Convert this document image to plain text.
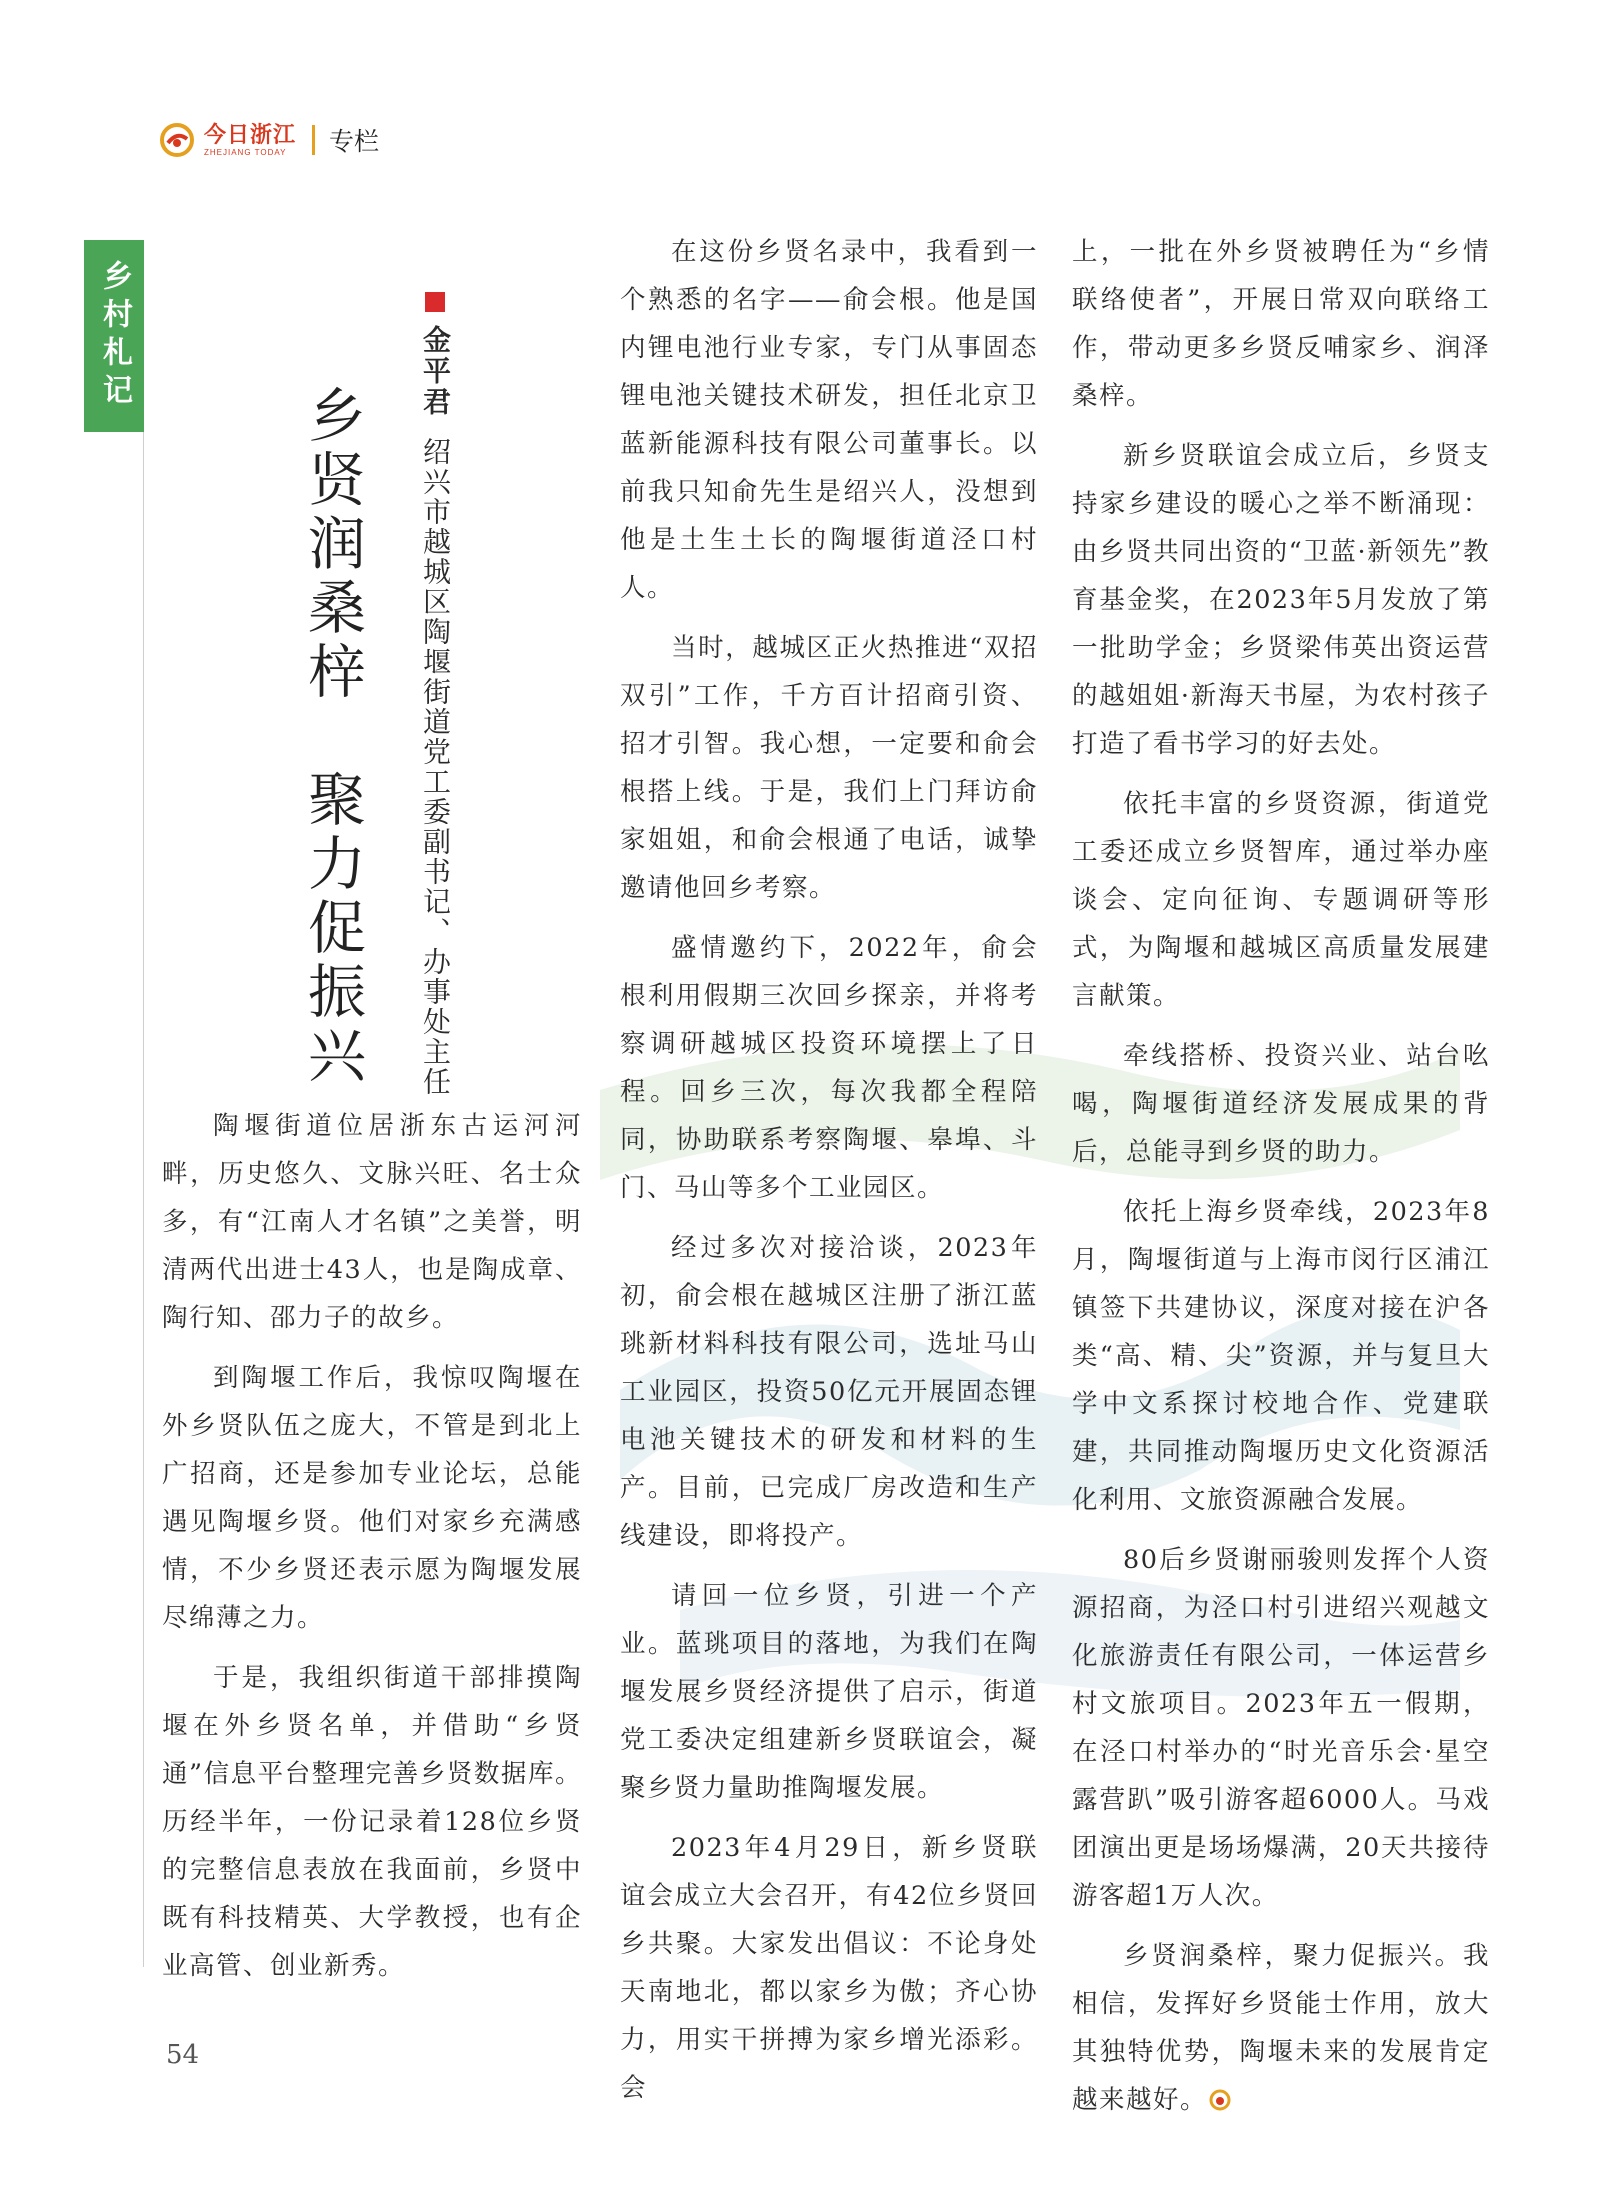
今日浙江
ZHEJIANG TODAY	专栏
乡村札记
乡贤润桑梓　聚力促振兴
金平君 绍兴市越城区陶堰街道党工委副书记、办事处主任

陶堰街道位居浙东古运河河畔，历史悠久、文脉兴旺、名士众多，有“江南人才名镇”之美誉，明清两代出进士43人，也是陶成章、陶行知、邵力子的故乡。

到陶堰工作后，我惊叹陶堰在外乡贤队伍之庞大，不管是到北上广招商，还是参加专业论坛，总能遇见陶堰乡贤。他们对家乡充满感情，不少乡贤还表示愿为陶堰发展尽绵薄之力。

于是，我组织街道干部排摸陶堰在外乡贤名单，并借助“乡贤通”信息平台整理完善乡贤数据库。历经半年，一份记录着128位乡贤的完整信息表放在我面前，乡贤中既有科技精英、大学教授，也有企业高管、创业新秀。

在这份乡贤名录中，我看到一个熟悉的名字——俞会根。他是国内锂电池行业专家，专门从事固态锂电池关键技术研发，担任北京卫蓝新能源科技有限公司董事长。以前我只知俞先生是绍兴人，没想到他是土生土长的陶堰街道泾口村人。

当时，越城区正火热推进“双招双引”工作，千方百计招商引资、招才引智。我心想，一定要和俞会根搭上线。于是，我们上门拜访俞家姐姐，和俞会根通了电话，诚挚邀请他回乡考察。

盛情邀约下，2022年，俞会根利用假期三次回乡探亲，并将考察调研越城区投资环境摆上了日程。回乡三次，每次我都全程陪同，协助联系考察陶堰、皋埠、斗门、马山等多个工业园区。

经过多次对接洽谈，2023年初，俞会根在越城区注册了浙江蓝珧新材料科技有限公司，选址马山工业园区，投资50亿元开展固态锂电池关键技术的研发和材料的生产。目前，已完成厂房改造和生产线建设，即将投产。

请回一位乡贤，引进一个产业。蓝珧项目的落地，为我们在陶堰发展乡贤经济提供了启示，街道党工委决定组建新乡贤联谊会，凝聚乡贤力量助推陶堰发展。

2023年4月29日，新乡贤联谊会成立大会召开，有42位乡贤回乡共聚。大家发出倡议：不论身处天南地北，都以家乡为傲；齐心协力，用实干拼搏为家乡增光添彩。会

上，一批在外乡贤被聘任为“乡情联络使者”，开展日常双向联络工作，带动更多乡贤反哺家乡、润泽桑梓。

新乡贤联谊会成立后，乡贤支持家乡建设的暖心之举不断涌现：由乡贤共同出资的“卫蓝·新领先”教育基金奖，在2023年5月发放了第一批助学金；乡贤梁伟英出资运营的越姐姐·新海天书屋，为农村孩子打造了看书学习的好去处。

依托丰富的乡贤资源，街道党工委还成立乡贤智库，通过举办座谈会、定向征询、专题调研等形式，为陶堰和越城区高质量发展建言献策。

牵线搭桥、投资兴业、站台吆喝，陶堰街道经济发展成果的背后，总能寻到乡贤的助力。

依托上海乡贤牵线，2023年8月，陶堰街道与上海市闵行区浦江镇签下共建协议，深度对接在沪各类“高、精、尖”资源，并与复旦大学中文系探讨校地合作、党建联建，共同推动陶堰历史文化资源活化利用、文旅资源融合发展。

80后乡贤谢丽骏则发挥个人资源招商，为泾口村引进绍兴观越文化旅游责任有限公司，一体运营乡村文旅项目。2023年五一假期，在泾口村举办的“时光音乐会·星空露营趴”吸引游客超6000人。马戏团演出更是场场爆满，20天共接待游客超1万人次。

乡贤润桑梓，聚力促振兴。我相信，发挥好乡贤能士作用，放大其独特优势，陶堰未来的发展肯定越来越好。

54
